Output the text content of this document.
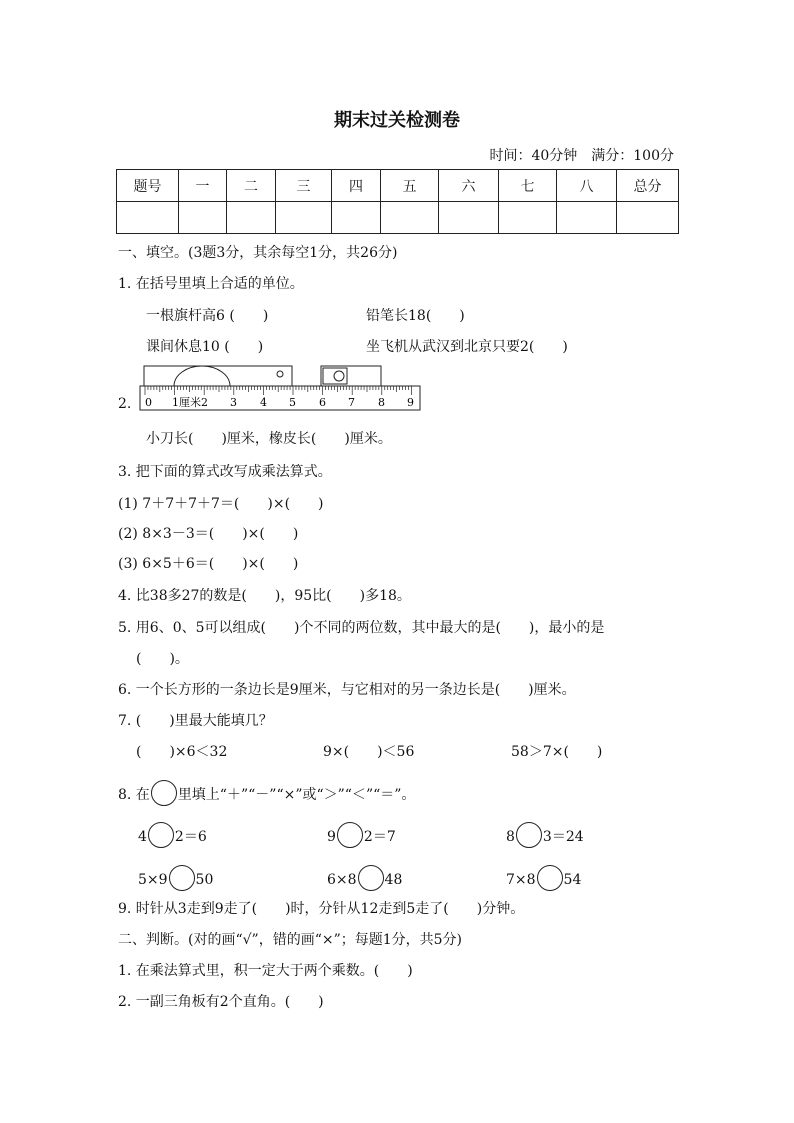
期末过关检测卷
时间：40分钟　满分：100分
题号	一	二	三	四	五	六	七	八	总分

一、填空。(3题3分，其余每空1分，共26分)
1. 在括号里填上合适的单位。
一根旗杆高6 (　　)	铅笔长18(　　)
课间休息10 (　　)	坐飞机从武汉到北京只要2(　　)
2. 0 1厘米2 3 4 5 6 7 8 9
小刀长(　　)厘米，橡皮长(　　)厘米。
3. 把下面的算式改写成乘法算式。
(1) 7＋7＋7＋7＝(　　)×(　　)
(2) 8×3－3＝(　　)×(　　)
(3) 6×5＋6＝(　　)×(　　)
4. 比38多27的数是(　　)，95比(　　)多18。
5. 用6、0、5可以组成(　　)个不同的两位数，其中最大的是(　　)，最小的是
(　　)。
6. 一个长方形的一条边长是9厘米，与它相对的另一条边长是(　　)厘米。
7. (　　)里最大能填几？
(　　)×6＜32	9×(　　)＜56	58＞7×(　　)
8. 在 里填上“＋”“－”“×”或“＞”“＜”“＝”。
4 2＝6	9 2＝7	8 3＝24
5×9 50	6×8 48	7×8 54
9. 时针从3走到9走了(　　)时，分针从12走到5走了(　　)分钟。
二、判断。(对的画“√”，错的画“×”；每题1分，共5分)
1. 在乘法算式里，积一定大于两个乘数。(　　)
2. 一副三角板有2个直角。(　　)
